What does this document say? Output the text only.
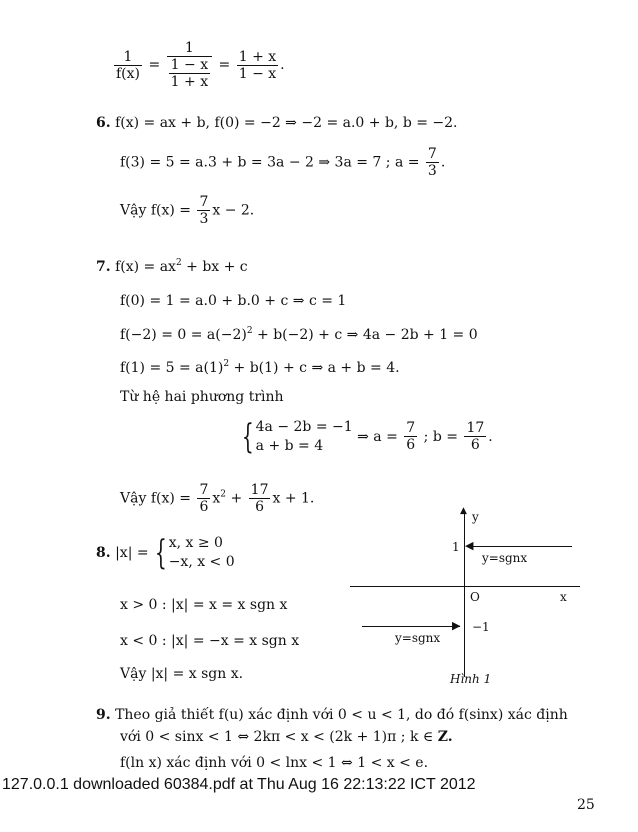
$\frac{1}{f(x)} = \frac{1}{\frac{1 - x}{1 + x}} = \frac{1 + x}{1 - x}$ .
6. f(x) = ax + b, f(0) = −2 ⇒ −2 = a.0 + b, b = −2.
f(3) = 5 = a.3 + b = 3a − 2 ⇒ 3a = 7 ; $a = \frac{7}{3}$ .
Vậy $f(x) = \frac{7}{3}$ x − 2.
7. $f(x) = ax^2$ + bx + c
f(0) = 1 = a.0 + b.0 + c ⇒ c = 1
$f(-2) = 0 = a(-2)^2 + b(-2) + c$ ⇒ 4a − 2b + 1 = 0
$f(1) = 5 = a(1)^2 + b(1) + c$ ⇒ a + b = 4.
Từ hệ hai phương trình
{ 4a − 2b = −1
a + b = 4
⇒ $a = \frac{7}{6}$ ; $b = \frac{17}{6}$ .
Vậy $f(x) = \frac{7}{6} x^2 + \frac{17}{6}$ x + 1.
8. |x| = { x, x ≥ 0
−x, x < 0
x > 0 : |x| = x = x sgn x
x < 0 : |x| = −x = x sgn x
Vậy |x| = x sgn x.
▲ y
x
O
1
−1
◀
y=sgnx
▶
y=sgnx
Hình 1
9. Theo giả thiết f(u) xác định với 0 < u < 1, do đó f(sinx) xác định
với 0 < sinx < 1 ⇔ 2kπ < x < (2k + 1)π ; k ∈ Z.
f(ln x) xác định với 0 < lnx < 1 ⇔ 1 < x < e.
127.0.0.1 downloaded 60384.pdf at Thu Aug 16 22:13:22 ICT 2012
25
